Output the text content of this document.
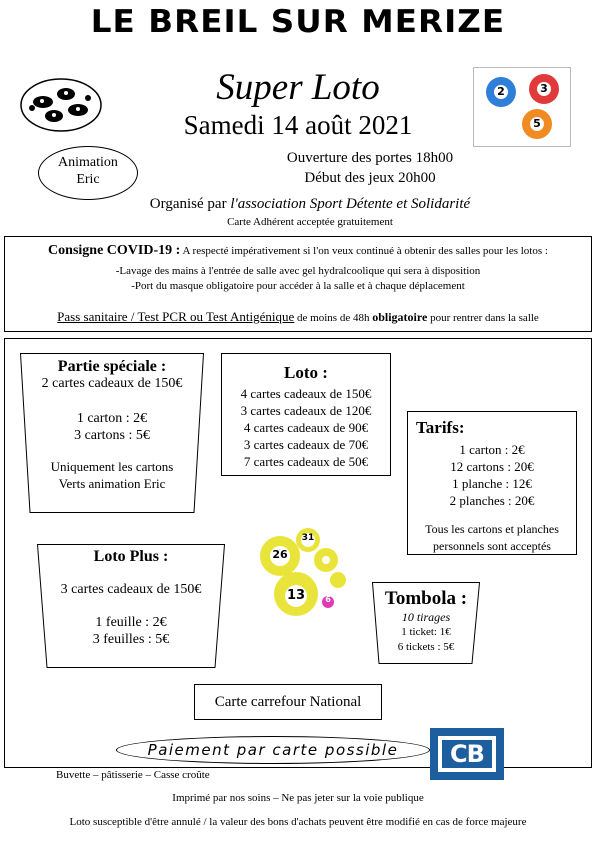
LE BREIL SUR MERIZE
Super Loto
Samedi 14 août 2021
2	3
5
Animation
Eric
Ouverture des portes 18h00
Début des jeux 20h00
Organisé par l'association Sport Détente et Solidarité
Carte Adhérent acceptée gratuitement
Consigne COVID-19 : A respecté impérativement si l'on veux continué à obtenir des salles pour les lotos :
-Lavage des mains à l'entrée de salle avec gel hydralcoolique qui sera à disposition
-Port du masque obligatoire pour accéder à la salle et à chaque déplacement
Pass sanitaire / Test PCR ou Test Antigénique de moins de 48h obligatoire pour rentrer dans la salle
Partie spéciale :
2 cartes cadeaux de 150€
1 carton : 2€
3 cartons : 5€
Uniquement les cartons
Verts animation Eric
Loto :
4 cartes cadeaux de 150€
3 cartes cadeaux de 120€
4 cartes cadeaux de 90€
3 cartes cadeaux de 70€
7 cartes cadeaux de 50€
Tarifs:
1 carton : 2€
12 cartons : 20€
1 planche : 12€
2 planches : 20€
Tous les cartons et planches
personnels sont acceptés
Loto Plus :
3 cartes cadeaux de 150€
1 feuille : 2€
3 feuilles : 5€
26
31
13	6	Tombola :
10 tirages
1 ticket: 1€
6 tickets : 5€
Carte carrefour National
Paiement par carte possible	CB
Buvette – pâtisserie – Casse croûte
Imprimé par nos soins – Ne pas jeter sur la voie publique
Loto susceptible d'être annulé / la valeur des bons d'achats peuvent être modifié en cas de force majeure
